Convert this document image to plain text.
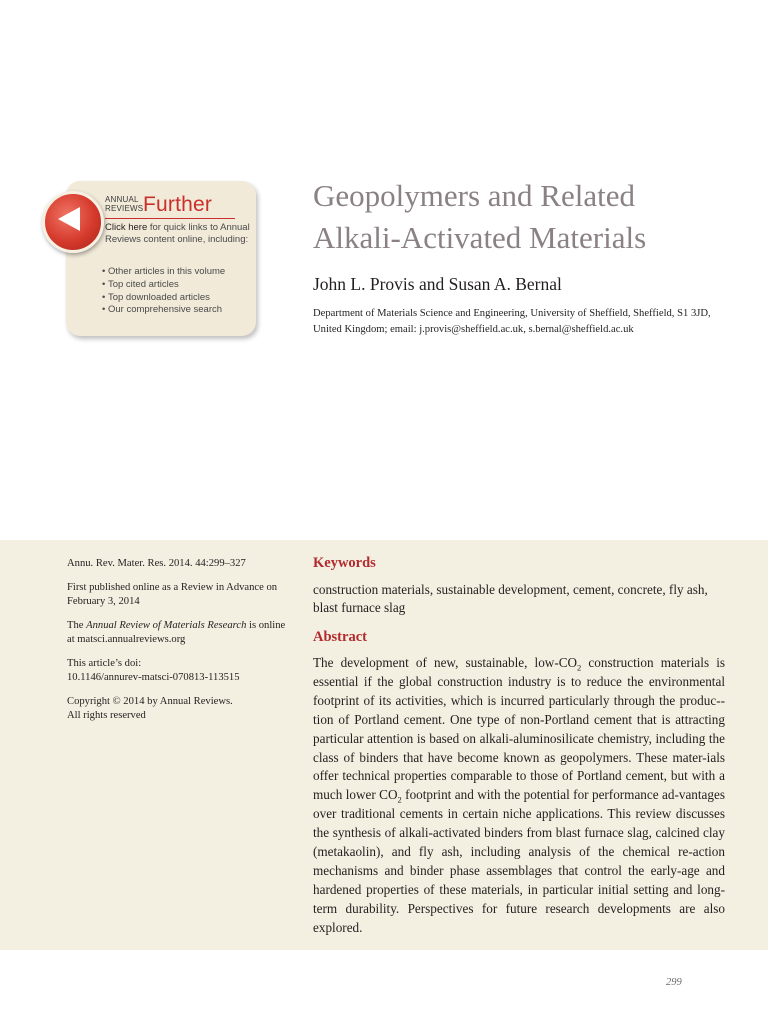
ANNUAL
REVIEWS Further
Click here for quick links to Annual Reviews content online, including:
• Other articles in this volume
• Top cited articles
• Top downloaded articles
• Our comprehensive search
Geopolymers and Related
Alkali-Activated Materials

John L. Provis and Susan A. Bernal

Department of Materials Science and Engineering, University of Sheffield, Sheffield, S1 3JD, United Kingdom; email: j.provis@sheffield.ac.uk, s.bernal@sheffield.ac.uk

Annu. Rev. Mater. Res. 2014. 44:299–327

First published online as a Review in Advance on February 3, 2014

The Annual Review of Materials Research is online at matsci.annualreviews.org

This article’s doi:
10.1146/annurev-matsci-070813-113515

Copyright © 2014 by Annual Reviews.
All rights reserved

Keywords

construction materials, sustainable development, cement, concrete, fly ash, blast furnace slag

Abstract

The development of new, sustainable, low-$CO_2$ construction materials is essential if the global construction industry is to reduce the environmental footprint of its activities, which is incurred particularly through the produc-tion of Portland cement. One type of non-Portland cement that is attracting particular attention is based on alkali-aluminosilicate chemistry, including the class of binders that have become known as geopolymers. These mater-ials offer technical properties comparable to those of Portland cement, but with a much lower $CO_2$ footprint and with the potential for performance ad-vantages over traditional cements in certain niche applications. This review discusses the synthesis of alkali-activated binders from blast furnace slag, calcined clay (metakaolin), and fly ash, including analysis of the chemical re-action mechanisms and binder phase assemblages that control the early-age and hardened properties of these materials, in particular initial setting and long-term durability. Perspectives for future research developments are also explored.

299
